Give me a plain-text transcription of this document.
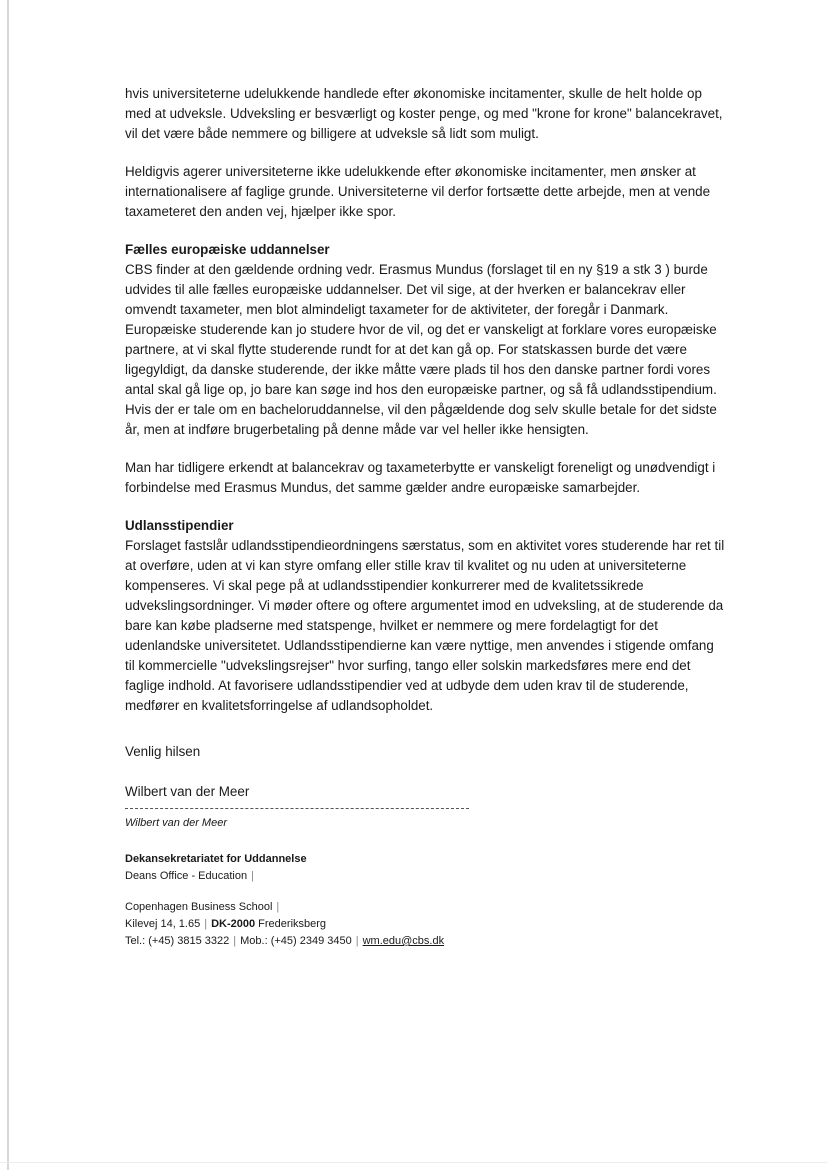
hvis universiteterne udelukkende handlede efter økonomiske incitamenter, skulle de helt holde op med at udveksle. Udveksling er besværligt og koster penge, og med "krone for krone" balancekravet, vil det være både nemmere og billigere at udveksle så lidt som muligt.

Heldigvis agerer universiteterne ikke udelukkende efter økonomiske incitamenter, men ønsker at internationalisere af faglige grunde. Universiteterne vil derfor fortsætte dette arbejde, men at vende taxameteret den anden vej, hjælper ikke spor.

Fælles europæiske uddannelser

CBS finder at den gældende ordning vedr. Erasmus Mundus (forslaget til en ny §19 a stk 3 ) burde udvides til alle fælles europæiske uddannelser. Det vil sige, at der hverken er balancekrav eller omvendt taxameter, men blot almindeligt taxameter for de aktiviteter, der foregår i Danmark. Europæiske studerende kan jo studere hvor de vil, og det er vanskeligt at forklare vores europæiske partnere, at vi skal flytte studerende rundt for at det kan gå op. For statskassen burde det være ligegyldigt, da danske studerende, der ikke måtte være plads til hos den danske partner fordi vores antal skal gå lige op, jo bare kan søge ind hos den europæiske partner, og så få udlandsstipendium. Hvis der er tale om en bacheloruddannelse, vil den pågældende dog selv skulle betale for det sidste år, men at indføre brugerbetaling på denne måde var vel heller ikke hensigten.

Man har tidligere erkendt at balancekrav og taxameterbytte er vanskeligt foreneligt og unødvendigt i forbindelse med Erasmus Mundus, det samme gælder andre europæiske samarbejder.

Udlansstipendier

Forslaget fastslår udlandsstipendieordningens særstatus, som en aktivitet vores studerende har ret til at overføre, uden at vi kan styre omfang eller stille krav til kvalitet og nu uden at universiteterne kompenseres. Vi skal pege på at udlandsstipendier konkurrerer med de kvalitetssikrede udvekslingsordninger. Vi møder oftere og oftere argumentet imod en udveksling, at de studerende da bare kan købe pladserne med statspenge, hvilket er nemmere og mere fordelagtigt for det udenlandske universitetet. Udlandsstipendierne kan være nyttige, men anvendes i stigende omfang til kommercielle "udvekslingsrejser" hvor surfing, tango eller solskin markedsføres mere end det faglige indhold. At favorisere udlandsstipendier ved at udbyde dem uden krav til de studerende, medfører en kvalitetsforringelse af udlandsopholdet.

Venlig hilsen

Wilbert van der Meer

Wilbert van der Meer

Dekansekretariatet for Uddannelse

Deans Office - Education |

Copenhagen Business School |

Kilevej 14, 1.65 | DK-2000 Frederiksberg

Tel.: (+45) 3815 3322 | Mob.: (+45) 2349 3450 | wm.edu@cbs.dk
